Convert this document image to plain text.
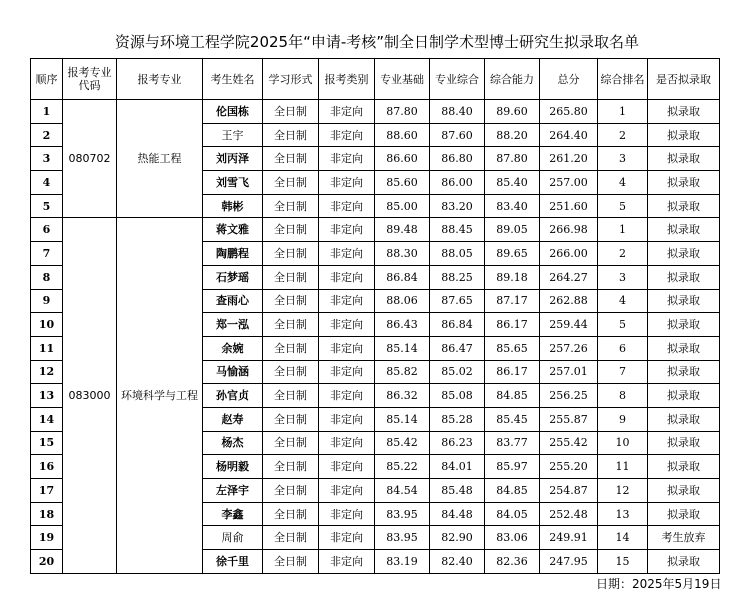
资源与环境工程学院2025年“申请-考核”制全日制学术型博士研究生拟录取名单
顺序	报考专业代码	报考专业	考生姓名	学习形式	报考类别	专业基础	专业综合	综合能力	总分	综合排名	是否拟录取
1	080702	热能工程	伦国栋	全日制	非定向	87.80	88.40	89.60	265.80	1	拟录取
2			王宇	全日制	非定向	88.60	87.60	88.20	264.40	2	拟录取
3			刘丙泽	全日制	非定向	86.60	86.80	87.80	261.20	3	拟录取
4			刘雪飞	全日制	非定向	85.60	86.00	85.40	257.00	4	拟录取
5			韩彬	全日制	非定向	85.00	83.20	83.40	251.60	5	拟录取
6	083000	环境科学与工程	蒋文雅	全日制	非定向	89.48	88.45	89.05	266.98	1	拟录取
7			陶鹏程	全日制	非定向	88.30	88.05	89.65	266.00	2	拟录取
8			石梦瑶	全日制	非定向	86.84	88.25	89.18	264.27	3	拟录取
9			查雨心	全日制	非定向	88.06	87.65	87.17	262.88	4	拟录取
10			郑一泓	全日制	非定向	86.43	86.84	86.17	259.44	5	拟录取
11			余婉	全日制	非定向	85.14	86.47	85.65	257.26	6	拟录取
12			马愉涵	全日制	非定向	85.82	85.02	86.17	257.01	7	拟录取
13			孙官贞	全日制	非定向	86.32	85.08	84.85	256.25	8	拟录取
14			赵寿	全日制	非定向	85.14	85.28	85.45	255.87	9	拟录取
15			杨杰	全日制	非定向	85.42	86.23	83.77	255.42	10	拟录取
16			杨明毅	全日制	非定向	85.22	84.01	85.97	255.20	11	拟录取
17			左泽宇	全日制	非定向	84.54	85.48	84.85	254.87	12	拟录取
18			李鑫	全日制	非定向	83.95	84.48	84.05	252.48	13	拟录取
19			周俞	全日制	非定向	83.95	82.90	83.06	249.91	14	考生放弃
20			徐千里	全日制	非定向	83.19	82.40	82.36	247.95	15	拟录取
日期：2025年5月19日
